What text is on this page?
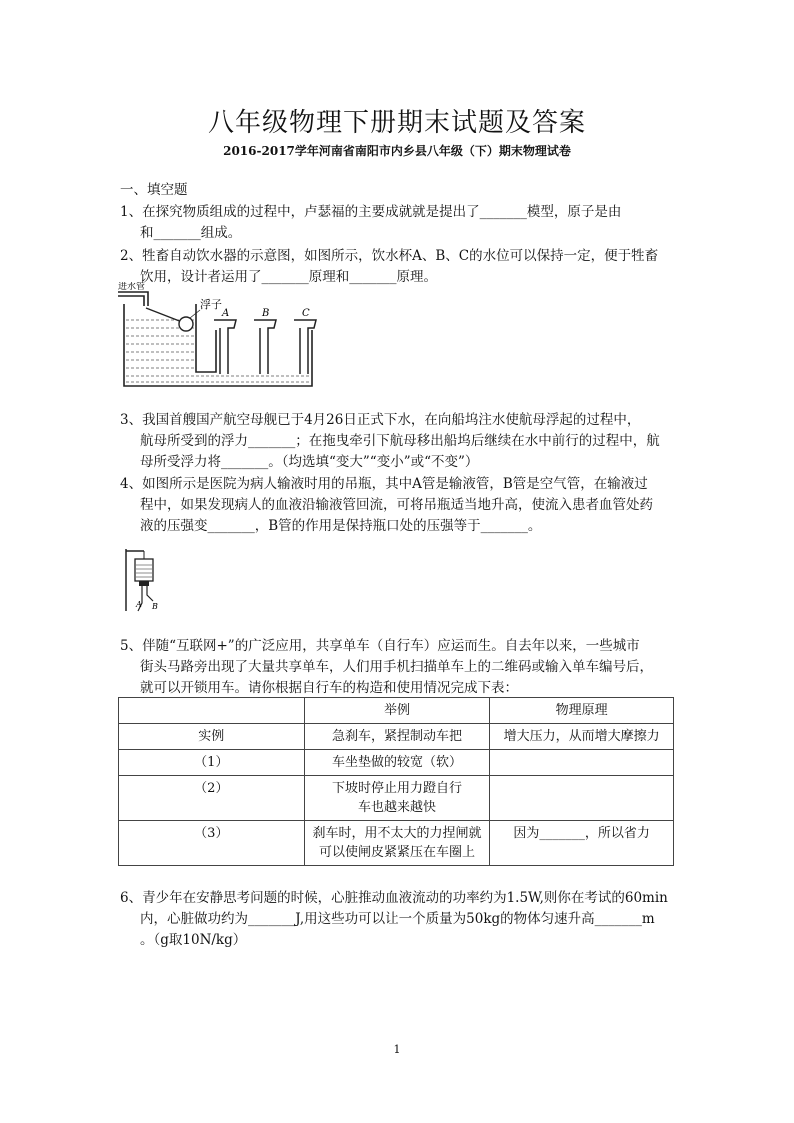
八年级物理下册期末试题及答案
2016-2017学年河南省南阳市内乡县八年级（下）期末物理试卷
一、填空题
1、在探究物质组成的过程中，卢瑟福的主要成就就是提出了_______模型，原子是由
和_______组成。
2、牲畜自动饮水器的示意图，如图所示，饮水杯A、B、C的水位可以保持一定，便于牲畜
饮用，设计者运用了_______原理和_______原理。
进水管
浮子
A	B	C
3、我国首艘国产航空母舰已于4月26日正式下水，在向船坞注水使航母浮起的过程中，
航母所受到的浮力_______；在拖曳牵引下航母移出船坞后继续在水中前行的过程中，航
母所受浮力将_______。（均选填“变大”“变小”或“不变”）
4、如图所示是医院为病人输液时用的吊瓶，其中A管是输液管，B管是空气管，在输液过
程中，如果发现病人的血液沿输液管回流，可将吊瓶适当地升高，使流入患者血管处药
液的压强变_______，B管的作用是保持瓶口处的压强等于_______。
A B
5、伴随“互联网+”的广泛应用，共享单车（自行车）应运而生。自去年以来，一些城市
街头马路旁出现了大量共享单车，人们用手机扫描单车上的二维码或输入单车编号后，
就可以开锁用车。请你根据自行车的构造和使用情况完成下表：
	举例	物理原理
实例	急刹车，紧捏制动车把	增大压力，从而增大摩擦力
（1）	车坐垫做的较宽（软）	
（2）	下坡时停止用力蹬自行车也越来越快	
（3）	刹车时，用不太大的力捏闸就可以使闸皮紧紧压在车圈上	因为_______，所以省力
6、青少年在安静思考问题的时候，心脏推动血液流动的功率约为1.5W,则你在考试的60min
内，心脏做功约为_______J,用这些功可以让一个质量为50kg的物体匀速升高_______m
。（g取10N/kg）
1
